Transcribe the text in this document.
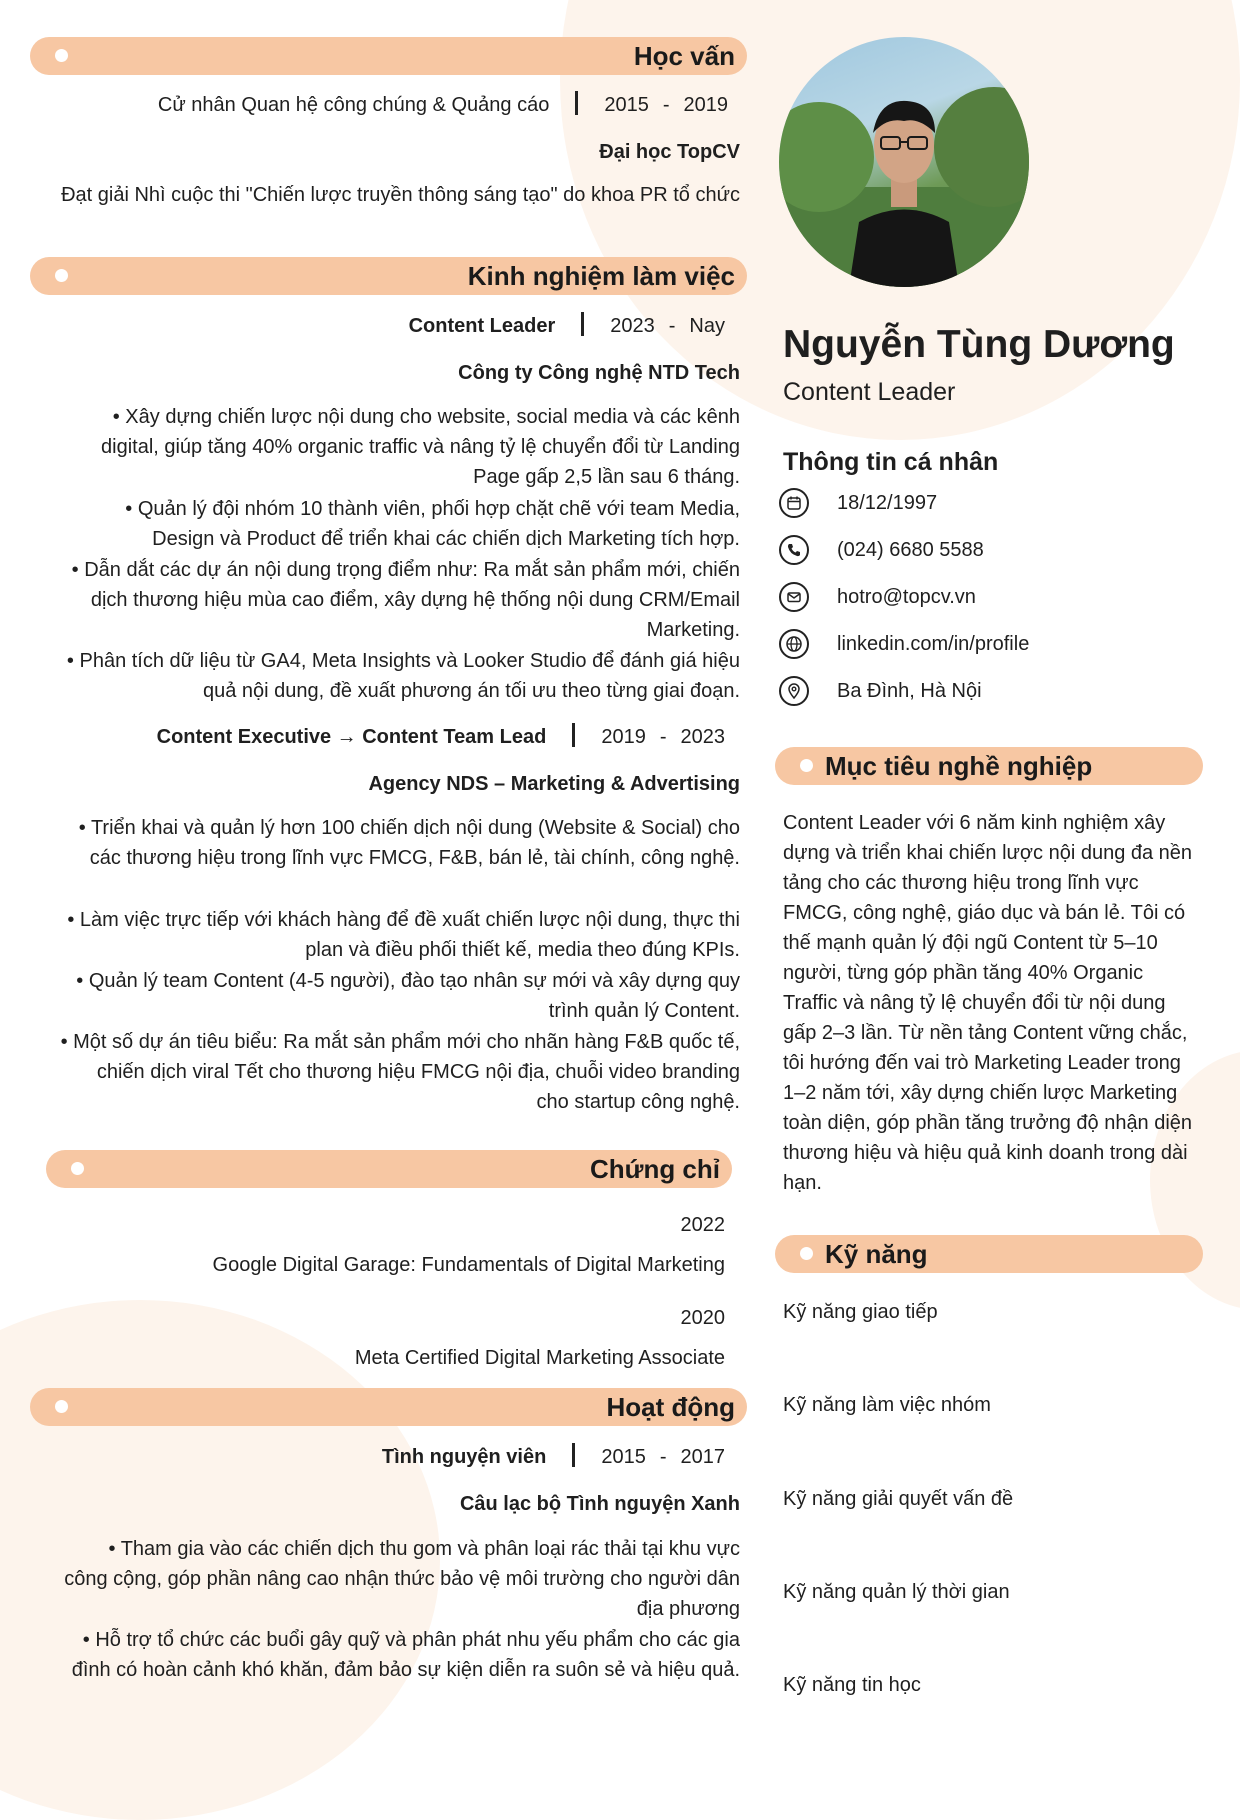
Học vấn
Cử nhân Quan hệ công chúng & Quảng cáo	2015 - 2019
Đại học TopCV
Đạt giải Nhì cuộc thi "Chiến lược truyền thông sáng tạo" do khoa PR tổ chức
Kinh nghiệm làm việc
Content Leader	2023 - Nay
Công ty Công nghệ NTD Tech
• Xây dựng chiến lược nội dung cho website, social media và các kênh digital, giúp tăng 40% organic traffic và nâng tỷ lệ chuyển đổi từ Landing Page gấp 2,5 lần sau 6 tháng.
• Quản lý đội nhóm 10 thành viên, phối hợp chặt chẽ với team Media, Design và Product để triển khai các chiến dịch Marketing tích hợp.
• Dẫn dắt các dự án nội dung trọng điểm như: Ra mắt sản phẩm mới, chiến dịch thương hiệu mùa cao điểm, xây dựng hệ thống nội dung CRM/Email Marketing.
• Phân tích dữ liệu từ GA4, Meta Insights và Looker Studio để đánh giá hiệu quả nội dung, đề xuất phương án tối ưu theo từng giai đoạn.
Content Executive → Content Team Lead	2019 - 2023
Agency NDS – Marketing & Advertising
• Triển khai và quản lý hơn 100 chiến dịch nội dung (Website & Social) cho các thương hiệu trong lĩnh vực FMCG, F&B, bán lẻ, tài chính, công nghệ.
• Làm việc trực tiếp với khách hàng để đề xuất chiến lược nội dung, thực thi plan và điều phối thiết kế, media theo đúng KPIs.
• Quản lý team Content (4-5 người), đào tạo nhân sự mới và xây dựng quy trình quản lý Content.
• Một số dự án tiêu biểu: Ra mắt sản phẩm mới cho nhãn hàng F&B quốc tế, chiến dịch viral Tết cho thương hiệu FMCG nội địa, chuỗi video branding cho startup công nghệ.
Chứng chỉ
2022
Google Digital Garage: Fundamentals of Digital Marketing
2020
Meta Certified Digital Marketing Associate
Hoạt động
Tình nguyện viên	2015 - 2017
Câu lạc bộ Tình nguyện Xanh
• Tham gia vào các chiến dịch thu gom và phân loại rác thải tại khu vực công cộng, góp phần nâng cao nhận thức bảo vệ môi trường cho người dân địa phương
• Hỗ trợ tổ chức các buổi gây quỹ và phân phát nhu yếu phẩm cho các gia đình có hoàn cảnh khó khăn, đảm bảo sự kiện diễn ra suôn sẻ và hiệu quả.
Nguyễn Tùng Dương
Content Leader
Thông tin cá nhân
18/12/1997
(024) 6680 5588
hotro@topcv.vn
linkedin.com/in/profile
Ba Đình, Hà Nội
Mục tiêu nghề nghiệp
Content Leader với 6 năm kinh nghiệm xây dựng và triển khai chiến lược nội dung đa nền tảng cho các thương hiệu trong lĩnh vực FMCG, công nghệ, giáo dục và bán lẻ. Tôi có thế mạnh quản lý đội ngũ Content từ 5–10 người, từng góp phần tăng 40% Organic Traffic và nâng tỷ lệ chuyển đổi từ nội dung gấp 2–3 lần. Từ nền tảng Content vững chắc, tôi hướng đến vai trò Marketing Leader trong 1–2 năm tới, xây dựng chiến lược Marketing toàn diện, góp phần tăng trưởng độ nhận diện thương hiệu và hiệu quả kinh doanh trong dài hạn.
Kỹ năng
Kỹ năng giao tiếp
Kỹ năng làm việc nhóm
Kỹ năng giải quyết vấn đề
Kỹ năng quản lý thời gian
Kỹ năng tin học
